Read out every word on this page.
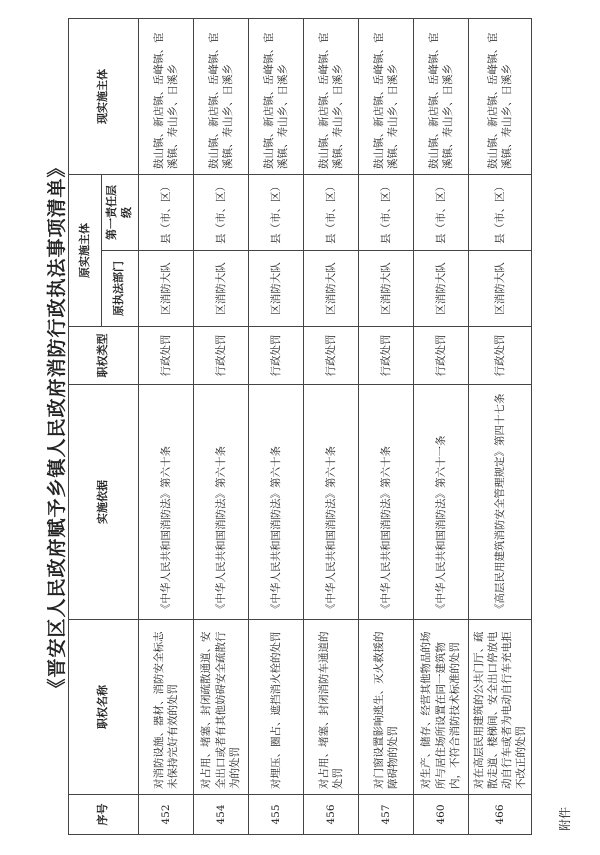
附件
《晋安区人民政府赋予乡镇人民政府消防行政执法事项清单》
序号	职权名称	实施依据	职权类型	原实施主体		现实施主体
				原执法部门	第一责任层级	
452	对消防设施、器材、消防安全标志未保持完好有效的处罚	《中华人民共和国消防法》第六十条	行政处罚	区消防大队	县（市、区）	鼓山镇、新店镇、岳峰镇、宦溪镇、寿山乡、日溪乡
454	对占用、堵塞、封闭疏散通道、安全出口或者有其他妨碍安全疏散行为的处罚	《中华人民共和国消防法》第六十条	行政处罚	区消防大队	县（市、区）	鼓山镇、新店镇、岳峰镇、宦溪镇、寿山乡、日溪乡
455	对埋压、圈占、遮挡消火栓的处罚	《中华人民共和国消防法》第六十条	行政处罚	区消防大队	县（市、区）	鼓山镇、新店镇、岳峰镇、宦溪镇、寿山乡、日溪乡
456	对占用、堵塞、封闭消防车通道的处罚	《中华人民共和国消防法》第六十条	行政处罚	区消防大队	县（市、区）	鼓山镇、新店镇、岳峰镇、宦溪镇、寿山乡、日溪乡
457	对门窗设置影响逃生、灭火救援的障碍物的处罚	《中华人民共和国消防法》第六十条	行政处罚	区消防大队	县（市、区）	鼓山镇、新店镇、岳峰镇、宦溪镇、寿山乡、日溪乡
460	对生产、储存、经营其他物品的场所与居住场所设置在同一建筑物内，不符合消防技术标准的处罚	《中华人民共和国消防法》第六十一条	行政处罚	区消防大队	县（市、区）	鼓山镇、新店镇、岳峰镇、宦溪镇、寿山乡、日溪乡
466	对在高层民用建筑的公共门厅、疏散走道、楼梯间、安全出口停放电动自行车或者为电动自行车充电拒不改正的处罚	《高层民用建筑消防安全管理规定》第四十七条	行政处罚	区消防大队	县（市、区）	鼓山镇、新店镇、岳峰镇、宦溪镇、寿山乡、日溪乡
